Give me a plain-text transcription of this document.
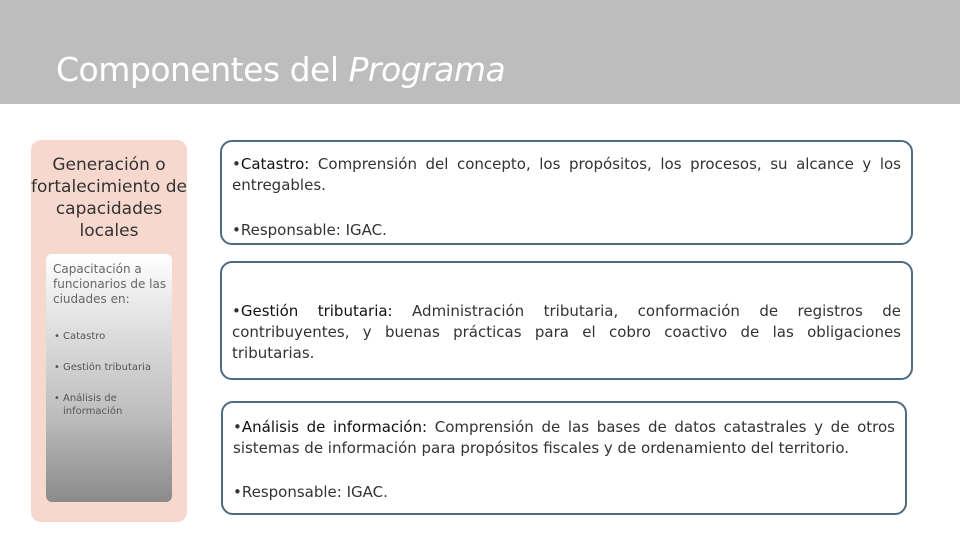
Componentes del Programa
Generación o fortalecimiento de capacidades locales
Capacitación a funcionarios de las ciudades en:
• Catastro
• Gestión tributaria
• Análisis de información
•Catastro: Comprensión del concepto, los propósitos, los procesos, su alcance y los entregables.
•Responsable: IGAC.
•Gestión tributaria: Administración tributaria, conformación de registros de contribuyentes, y buenas prácticas para el cobro coactivo de las obligaciones tributarias.
•Análisis de información: Comprensión de las bases de datos catastrales y de otros sistemas de información para propósitos fiscales y de ordenamiento del territorio.
•Responsable: IGAC.
